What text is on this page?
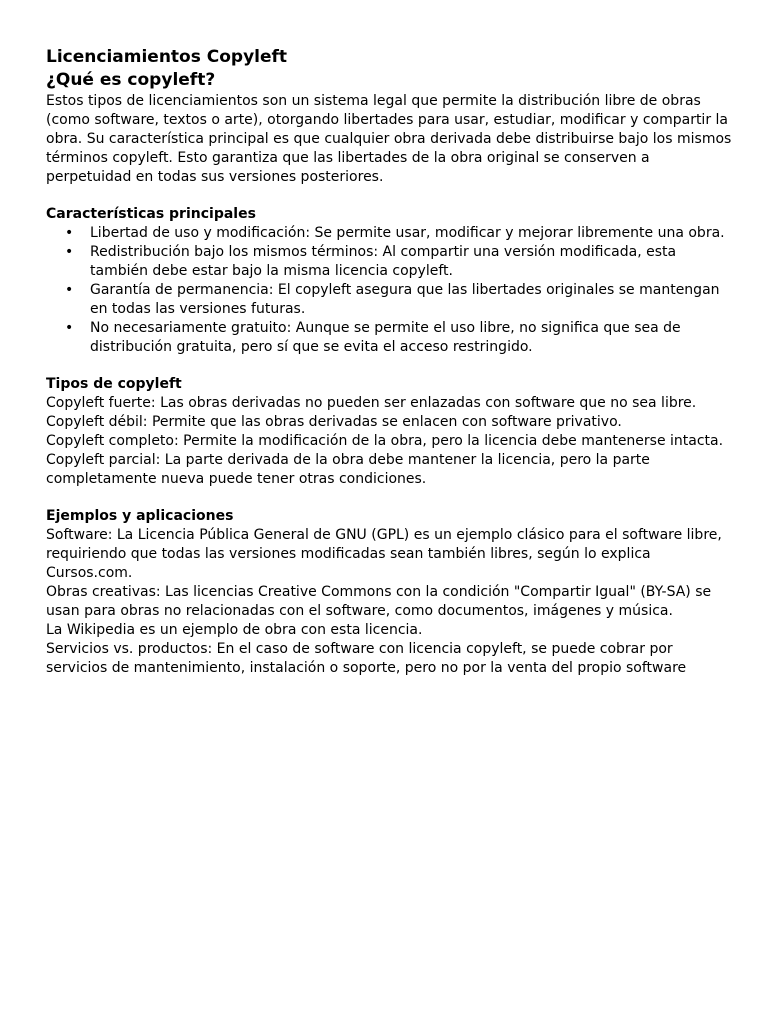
Licenciamientos Copyleft
¿Qué es copyleft?

Estos tipos de licenciamientos son un sistema legal que permite la distribución libre de obras (como software, textos o arte), otorgando libertades para usar, estudiar, modificar y compartir la obra. Su característica principal es que cualquier obra derivada debe distribuirse bajo los mismos términos copyleft. Esto garantiza que las libertades de la obra original se conserven a perpetuidad en todas sus versiones posteriores.

Características principales
• Libertad de uso y modificación: Se permite usar, modificar y mejorar libremente una obra.
• Redistribución bajo los mismos términos: Al compartir una versión modificada, esta también debe estar bajo la misma licencia copyleft.
• Garantía de permanencia: El copyleft asegura que las libertades originales se mantengan en todas las versiones futuras.
• No necesariamente gratuito: Aunque se permite el uso libre, no significa que sea de distribución gratuita, pero sí que se evita el acceso restringido.
Tipos de copyleft

Copyleft fuerte: Las obras derivadas no pueden ser enlazadas con software que no sea libre.

Copyleft débil: Permite que las obras derivadas se enlacen con software privativo.

Copyleft completo: Permite la modificación de la obra, pero la licencia debe mantenerse intacta.

Copyleft parcial: La parte derivada de la obra debe mantener la licencia, pero la parte completamente nueva puede tener otras condiciones.

Ejemplos y aplicaciones

Software: La Licencia Pública General de GNU (GPL) es un ejemplo clásico para el software libre, requiriendo que todas las versiones modificadas sean también libres, según lo explica Cursos.com.

Obras creativas: Las licencias Creative Commons con la condición "Compartir Igual" (BY-SA) se usan para obras no relacionadas con el software, como documentos, imágenes y música.

La Wikipedia es un ejemplo de obra con esta licencia.

Servicios vs. productos: En el caso de software con licencia copyleft, se puede cobrar por servicios de mantenimiento, instalación o soporte, pero no por la venta del propio software
